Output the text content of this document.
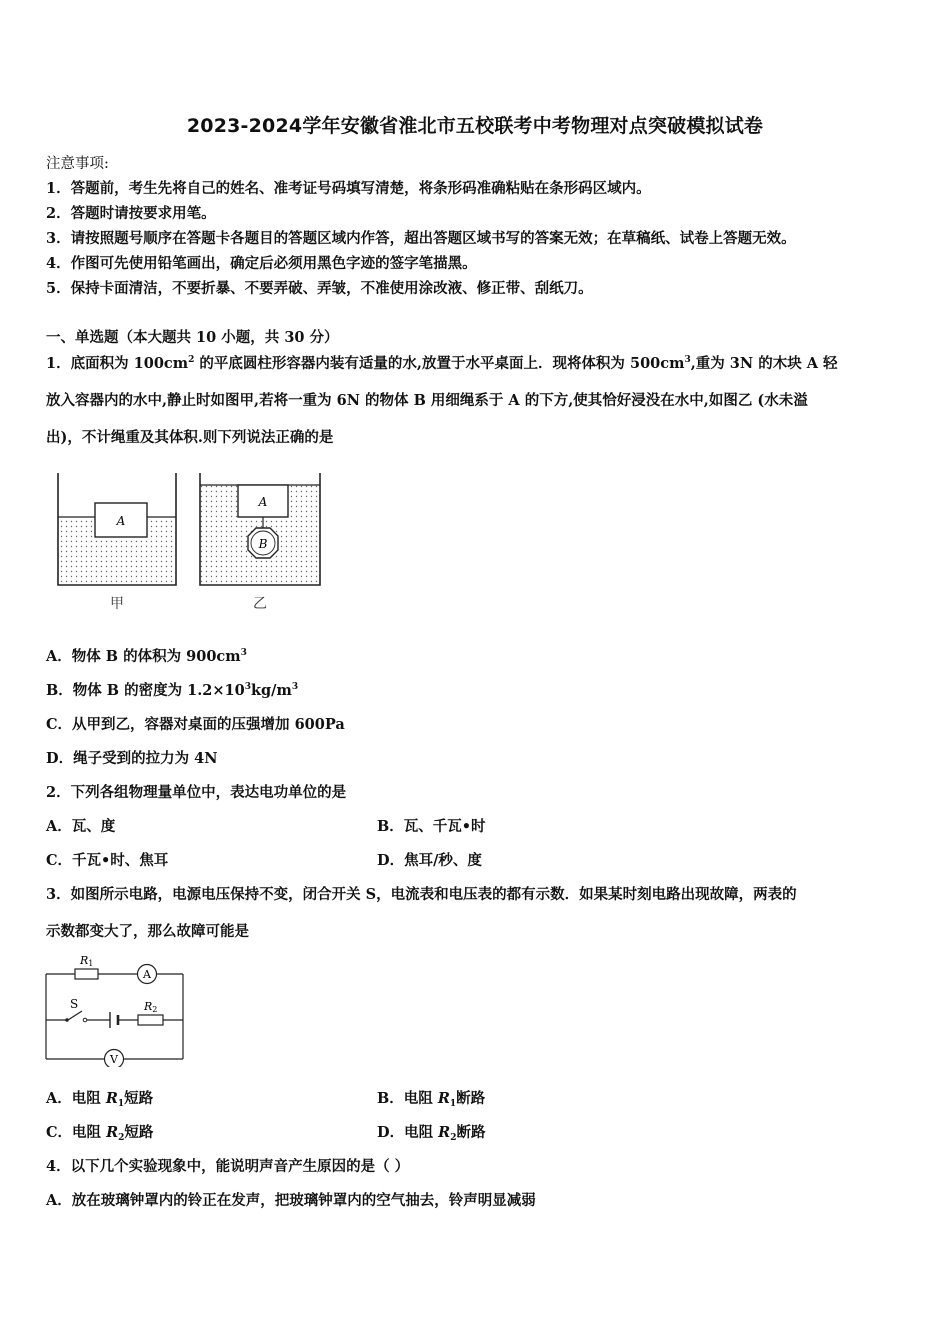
2023-2024学年安徽省淮北市五校联考中考物理对点突破模拟试卷
注意事项:
1．答题前，考生先将自己的姓名、准考证号码填写清楚，将条形码准确粘贴在条形码区域内。
2．答题时请按要求用笔。
3．请按照题号顺序在答题卡各题目的答题区域内作答，超出答题区域书写的答案无效；在草稿纸、试卷上答题无效。
4．作图可先使用铅笔画出，确定后必须用黑色字迹的签字笔描黑。
5．保持卡面清洁，不要折暴、不要弄破、弄皱，不准使用涂改液、修正带、刮纸刀。
一、单选题（本大题共 10 小题，共 30 分）
1．底面积为 $100cm^2$ 的平底圆柱形容器内装有适量的水,放置于水平桌面上．现将体积为 $500cm^3$,重为 3N 的木块 A 轻
放入容器内的水中,静止时如图甲,若将一重为 6N 的物体 B 用细绳系于 A 的下方,使其恰好浸没在水中,如图乙 (水未溢
出)，不计绳重及其体积.则下列说法正确的是
A
A
B
甲	乙
A．物体 B 的体积为 $900cm^3$
B．物体 B 的密度为 $1.2\times 10^3kg/m^3$
C．从甲到乙，容器对桌面的压强增加 600Pa
D．绳子受到的拉力为 4N
2．下列各组物理量单位中，表达电功单位的是
A．瓦、度	B．瓦、千瓦•时
C．千瓦•时、焦耳	D．焦耳/秒、度
3．如图所示电路，电源电压保持不变，闭合开关 S，电流表和电压表的都有示数．如果某时刻电路出现故障，两表的
示数都变大了，那么故障可能是
R1
A
S	R2
V
A．电阻 $R_1$短路	B．电阻 $R_1$断路
C．电阻 $R_2$短路	D．电阻 $R_2$断路
4．以下几个实验现象中，能说明声音产生原因的是（ ）
A．放在玻璃钟罩内的铃正在发声，把玻璃钟罩内的空气抽去，铃声明显减弱
